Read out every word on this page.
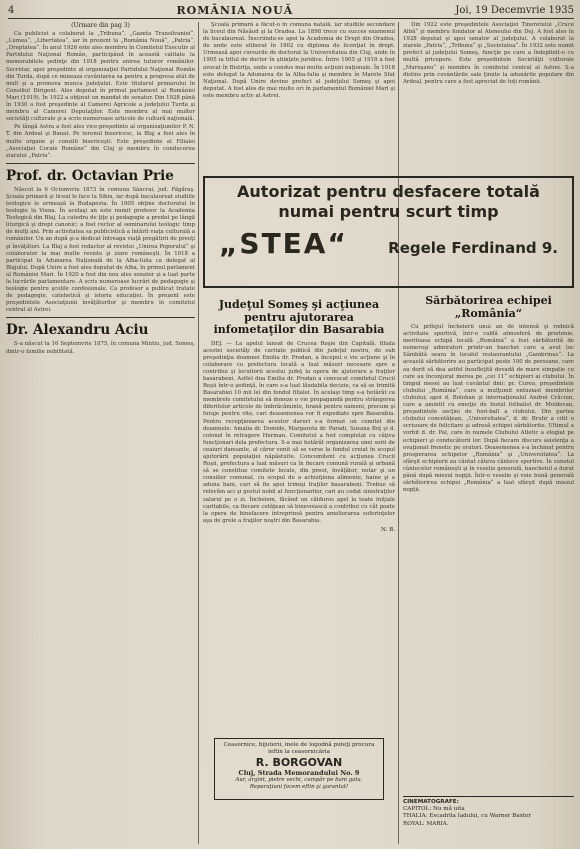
4	ROMÂNIA NOUĂ	Joi, 19 Decemvrie 1935
(Urmare din pag 3)

Ca publicist a colaborat la „Tribuna“, „Gazeta Transilvaniei“, „Lumea“, „Libertatea“, iar în prezent la „România Nouă“, „Patria“, „Dreptatea“. În anul 1926 este ales membru în Comitetul Executiv al Partidului Naţional Român, participând în această calitate la memorabilele şedinţe din 1918 pentru unirea tuturor românilor. Secretar, apoi preşedinte al organizaţiei Partidului Naţional Român din Turda, după ce mineaza cuvântarea sa pentru a progresa atât de mult şi a promova munca judeţului. Este titularul primarului în Consiliul Dirigent. Ales deputat în primul parlament al României Mari (1919). În 1922 a obţinut un mandat de senator. Din 1928 până în 1930 a fost preşedinte al Camerei Agricole a judeţului Turda şi membru al Camerei Deputaţilor. Este membru al mai multor societăţi culturale şi a scris numeroase articole de cultură naţională.

Pe lângă Astra a fost ales vice-preşedinte al organizaţiunilor P. N. T. din Ardeal şi Banat. Pe terenul bisericesc, la Blaj a fost ales în multe organe şi consilii bisericeşti. Este preşedinte al Filialei „Asociaţiei Corale Române“ din Cluj şi membru în conducerea ziarului „Patria“.

Prof. dr. Octavian Prie

Născut la 6 Octomvrie 1873 în comuna Sâncrai, jud. Făgăraş. Şcoala primară şi liceul le face la Sibiu, iar după bacalaureat studiile teologice le urmează la Budapesta. În 1905 obţine doctoratul în teologie la Viena. În acelaşi an este numit profesor la Academia Teologică din Blaj. La catedra de ţiţe şi pedagogie a predat pe lângă liturgică şi drept canonic; a fost rector al seminarului teologic timp de mulţi ani. Prin activitatea sa publicistică a întărit viaţa culturală a românilor. Un an după şi-a dedicat întreaga viaţă pregătirii de preoţi şi învăţători. La Blaj a fost redactor al revistei „Unirea Poporului“ şi colaborator la mai multe reviste şi ziare româneşti. În 1918 a participat la Adunarea Naţională de la Alba-Iulia ca delegat al Blajului. După Unire a fost ales deputat de Alba, în primul parlament al României Mari. În 1920 a fost din nou ales senator şi a luat parte la lucrările parlamentare. A scris numeroase lucrări de pedagogie şi teologie pentru şcolile confesionale. Ca profesor a publicat tratate de pedagogie, catehetică şi istoria educaţiei. În prezent este preşedintele Asociaţiunii învăţătorilor şi membru în comitetul central al Astrei.

Dr. Alexandru Aciu

S-a născut la 16 Septemvrie 1875, în comuna Mintiu, jud. Someş, dintr-o familie nobilitată.

Şcoala primară a făcut-o în comuna natală, iar studiile secundare la liceul din Năsăud şi la Oradea. La 1898 trece cu succes examenul de bacalaureat. Înscriindu-se apoi la Academia de Drept din Oradea, de unde este eliberat în 1902 cu diploma de licenţiat în drept. Urmează apoi cursurile de doctorat la Universitatea din Cluj, unde în 1905 ia titlul de doctor în ştiinţele juridice. Între 1905 şi 1918 a fost avocat în Bistriţa, unde a condus mai multe acţiuni naţionale. În 1918 este delegat la Adunarea de la Alba-Iulia şi membru în Marele Sfat Naţional. După Unire devine prefect al judeţului Someş şi apoi deputat. A fost ales de mai multe ori în parlamentul României Mari şi este membru activ al Astrei.

Din 1922 este preşedintele Asociaţiei Tineretului „Cruce Albă“ şi membru fondator al Ateneului din Dej. A fost ales în 1928 deputat şi apoi senator al judeţului. A colaborat la ziarele „Patria“, „Tribuna“ şi „Societatea“. În 1932 este numit prefect al judeţului Someş, funcţie pe care a îndeplinit-o cu multă pricepere. Este preşedintele Societăţii culturale „Mureşanu“ şi membru în comitetul central al Astrei. S-a distins prin cuvântările sale ţinute la adunările populare din Ardeal, pentru care a fost apreciat de toţi românii.

Sărbătorirea echipei „România“

Cu prilejul încheierii unui an de intensă şi rodnică activitate sportivă, într-o caldă atmosferă de prietenie, meritoasa echipă locală „România“ a fost sărbătorită de numeroşi admiratori printr-un banchet care a avut loc Sâmbătă seara în localul restaurantului „Gambrinus“. La această sărbătorire au participat peste 100 de persoane, care au dorit să dea astfel însufleţită dovadă de mare simpatie cu care au înconjurat merea pe „cei 11“ echipieri ai clubului. În timpul mesei au luat cuvântul dnii: pr. Curea, preşedintele clubului „România“, care a mulţumit entuziast membrilor clubului; apoi d. Bolohan şi internaţionalul Andrei Crăciun, care a amintit cu emoţie de fostul fotbalist dr. Moldovan, preşedintele secţiei de foot-ball a clubului. Din partea clubului concetăţean, „Universitatea“, d. dr. Bruhr a citit o scrisoare de felicitare şi adresă echipei sărbătorite. Ultimul a vorbit d. dr. Pal, care în numele Clubului Atletic a elogiat pe echipieri şi conducătorii lor. După fiecare discurs asistenţa a ovaţionat frenetic pe oratori. Deasemenea s-a închinat pentru prosperarea echipelor „România“ şi „Universitatea“. La sfârşit echipierii au cântat câteva cântece sportive. În sunetul cântecelor româneşti şi în veselie generală, banchetul a durat până după miezul nopţii. Într-o veselie şi voie bună generală sărbătorirea echipei „România“ a luat sfârşit după miezul nopţii.

Autorizat pentru desfacere totală
numai pentru scurt timp
„STEA“	Regele Ferdinand 9.
Judeţul Someş şi acţiunea pentru ajutorarea infometaţilor din Basarabia

DEJ. — La apelul lansat de Crucea Roşie din Capitală, filiala acestei societăţi de caritate publică din judeţul nostru, de sub preşedinţia doamnei Emilia dr. Prodan, a început o vie acţiune şi în colaborare cu prefectura locală a luat măsuri necesare spre a contribui şi locuitorii acestui judeţ la opera de ajutorare a fraţilor basarabeni. Astfel dna Emilia dr. Prodan a convocat comitetul Crucii Roşii într-o şedinţă, în care s-a luat lăudabila decizie, ca să se trimită Basarabiei 10 mii lei din fondul filialei. În acelaşi timp s-a hotărât ca membrele comitetului să doneze o vie propagandă pentru strângerea diferitelor articole de îmbrăcăminte, hrană pentru oameni, precum şi furaje pentru vite, cari deasemenea vor fi expediate spre Basarabia. Pentru recepţionarea acestor daruri s-a format un comitet din doamnele: Amalia dr. Domide, Margareta dr. Paradi, Susana Boţ şi d. colonel în retragere Herman. Comitetul a fost completat cu câţiva funcţionari dela prefectura. S-a mai hotărât organizarea unei serii de ceaiuri dansante, al căror venit să se verse la fondul creiat în scopul ajutorării populaţiei năpăstuite. Concomitent cu acţiunea Crucii Roşii, prefectura a luat măsuri ca în fiecare comună rurală şi urbană să se constitue comitete locale, din preot, învăţător, notar şi un consilier comunal, cu scopul de a achiziţiona alimente, haine şi a aduna bani, cari să fie apoi trimişi fraţilor basarabeni. Trebue să relevăm aci şi gestul nobil al funcţionarilor, cari au cedat sinistraţilor salarul pe o zi. Încheiem, făcând un călduros apel la toate iniţiale caritabile, ca fiecare cetăţean să binevoiască a contribui cu cât poate la opera de binefacere întreprinsă pentru ameliorarea suferinţelor aşa de grele a fraţilor noştri din Basarabia.

N. B.
Ceasornice, bijuterii, inele de logodnă puteţi procura ieftin la ceasornicăria
R. BORGOVAN
Cluj, Strada Memorandului No. 9
Aur, argint, pietre vechi, cumpăr pe bani gata. Reparaţiuni facem eftin şi garantat!
CINEMATOGRAFE:
CAPITOL: Nu mă uita
THALIA: Escadrila Iadului, cu Warner Baxter
ROYAL: MARIA.
